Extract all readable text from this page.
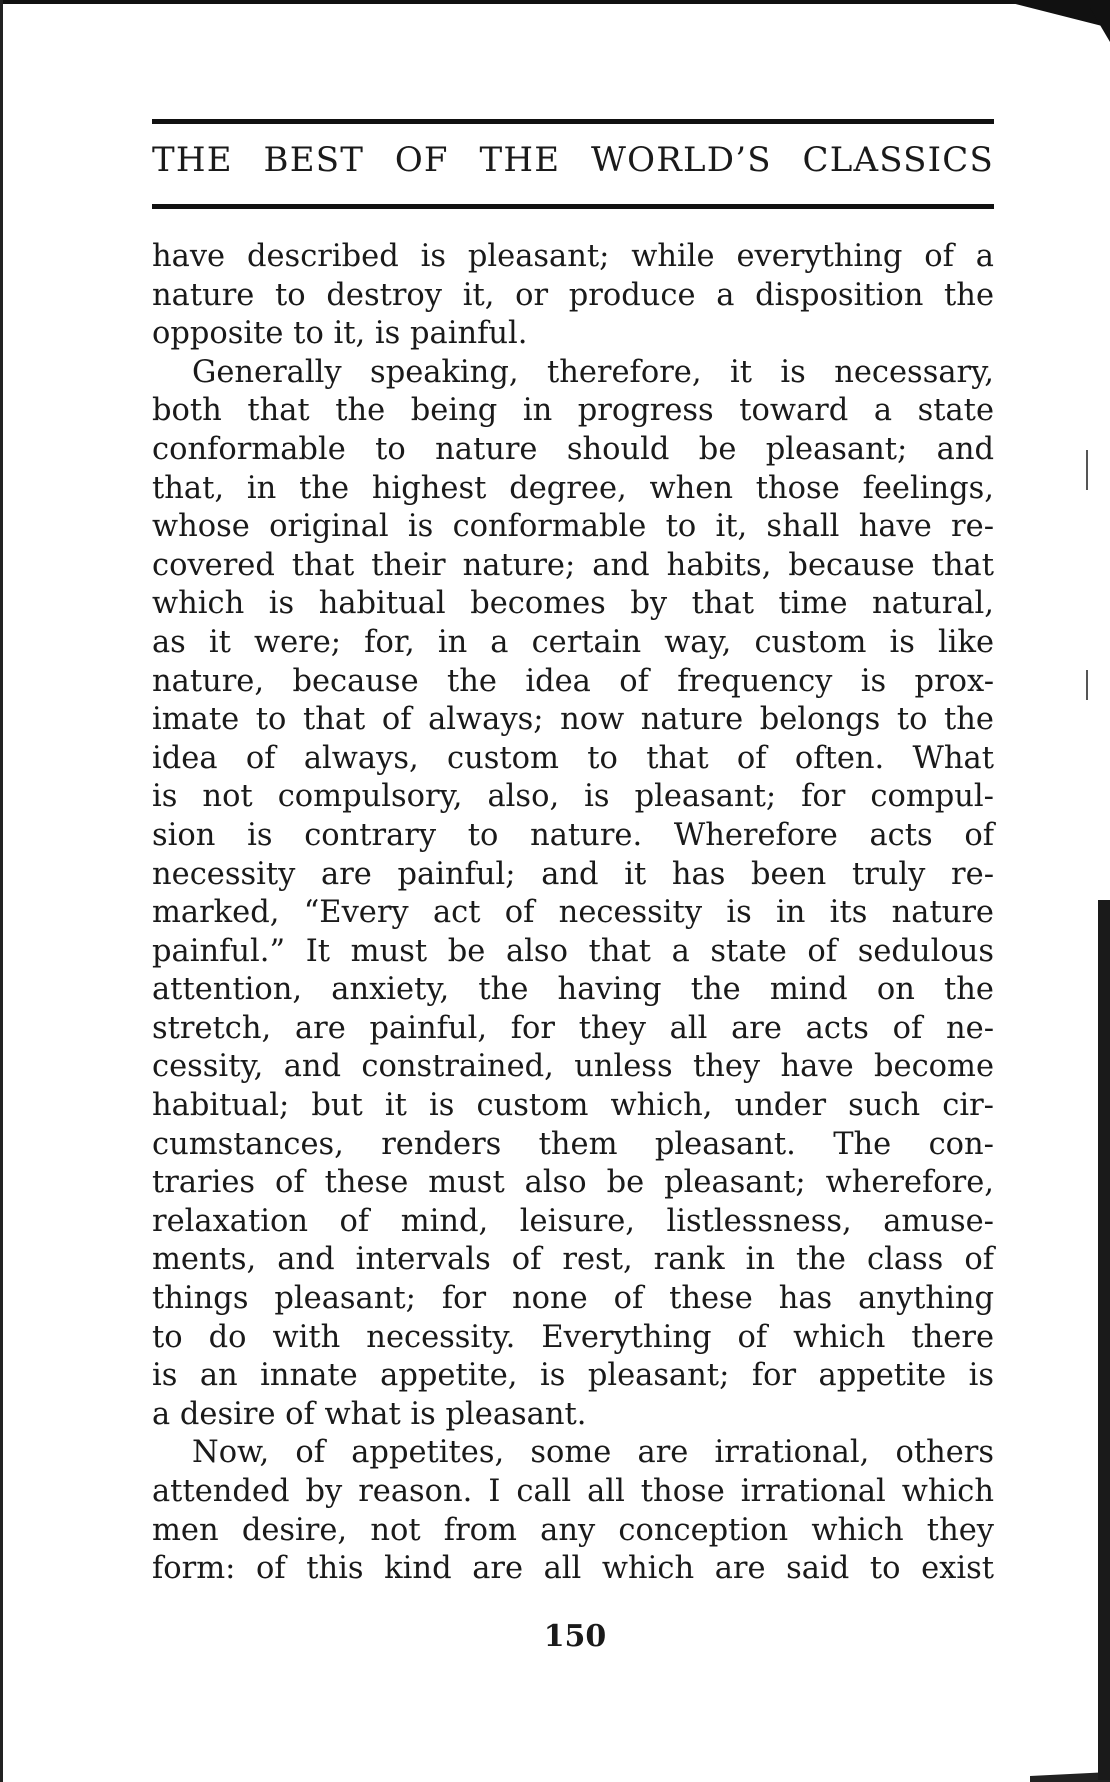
THE BEST OF THE WORLD’S CLASSICS
have described is pleasant; while everything of a
nature to destroy it, or produce a disposition the
opposite to it, is painful.
Generally speaking, therefore, it is necessary,
both that the being in progress toward a state
conformable to nature should be pleasant; and
that, in the highest degree, when those feelings,
whose original is conformable to it, shall have re-
covered that their nature; and habits, because that
which is habitual becomes by that time natural,
as it were; for, in a certain way, custom is like
nature, because the idea of frequency is prox-
imate to that of always; now nature belongs to the
idea of always, custom to that of often. What
is not compulsory, also, is pleasant; for compul-
sion is contrary to nature. Wherefore acts of
necessity are painful; and it has been truly re-
marked, “Every act of necessity is in its nature
painful.” It must be also that a state of sedulous
attention, anxiety, the having the mind on the
stretch, are painful, for they all are acts of ne-
cessity, and constrained, unless they have become
habitual; but it is custom which, under such cir-
cumstances, renders them pleasant. The con-
traries of these must also be pleasant; wherefore,
relaxation of mind, leisure, listlessness, amuse-
ments, and intervals of rest, rank in the class of
things pleasant; for none of these has anything
to do with necessity. Everything of which there
is an innate appetite, is pleasant; for appetite is
a desire of what is pleasant.
Now, of appetites, some are irrational, others
attended by reason. I call all those irrational which
men desire, not from any conception which they
form: of this kind are all which are said to exist
150
